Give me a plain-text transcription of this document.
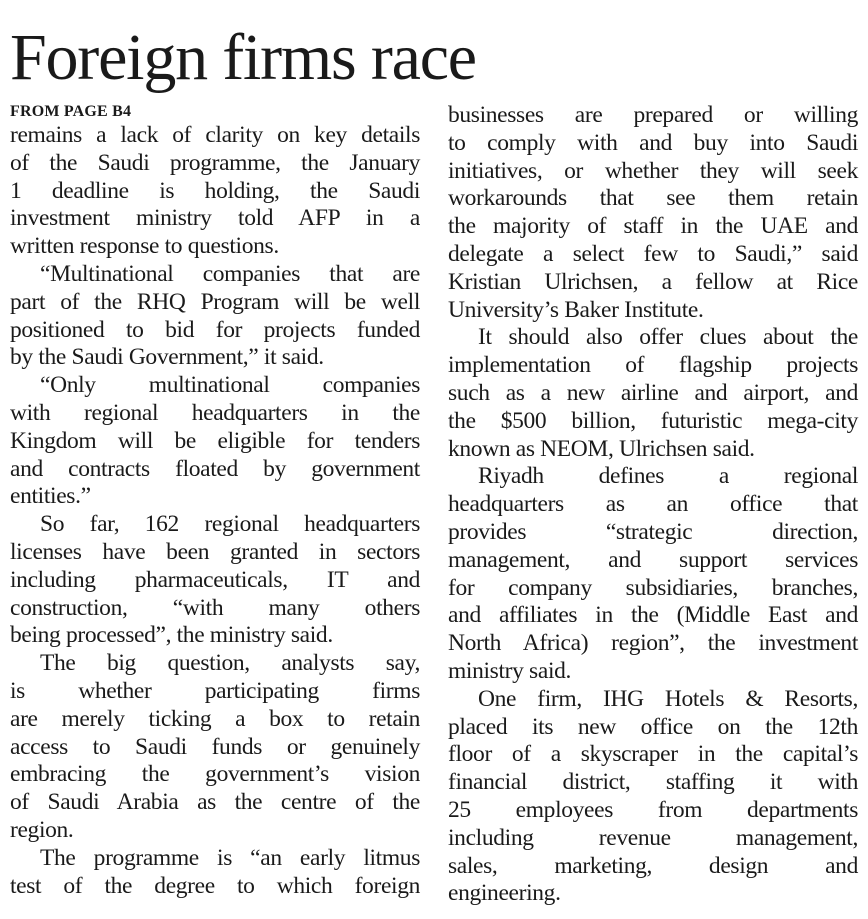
Foreign firms race
FROM PAGE B4
remains a lack of clarity on key details
of the Saudi programme, the January
1 deadline is holding, the Saudi
investment ministry told AFP in a
written response to questions.
“Multinational companies that are
part of the RHQ Program will be well
positioned to bid for projects funded
by the Saudi Government,” it said.
“Only multinational companies
with regional headquarters in the
Kingdom will be eligible for tenders
and contracts floated by government
entities.”
So far, 162 regional headquarters
licenses have been granted in sectors
including pharmaceuticals, IT and
construction, “with many others
being processed”, the ministry said.
The big question, analysts say,
is whether participating firms
are merely ticking a box to retain
access to Saudi funds or genuinely
embracing the government’s vision
of Saudi Arabia as the centre of the
region.
The programme is “an early litmus
test of the degree to which foreign
businesses are prepared or willing
to comply with and buy into Saudi
initiatives, or whether they will seek
workarounds that see them retain
the majority of staff in the UAE and
delegate a select few to Saudi,” said
Kristian Ulrichsen, a fellow at Rice
University’s Baker Institute.
It should also offer clues about the
implementation of flagship projects
such as a new airline and airport, and
the $500 billion, futuristic mega-city
known as NEOM, Ulrichsen said.
Riyadh defines a regional
headquarters as an office that
provides “strategic direction,
management, and support services
for company subsidiaries, branches,
and affiliates in the (Middle East and
North Africa) region”, the investment
ministry said.
One firm, IHG Hotels & Resorts,
placed its new office on the 12th
floor of a skyscraper in the capital’s
financial district, staffing it with
25 employees from departments
including revenue management,
sales, marketing, design and
engineering.
